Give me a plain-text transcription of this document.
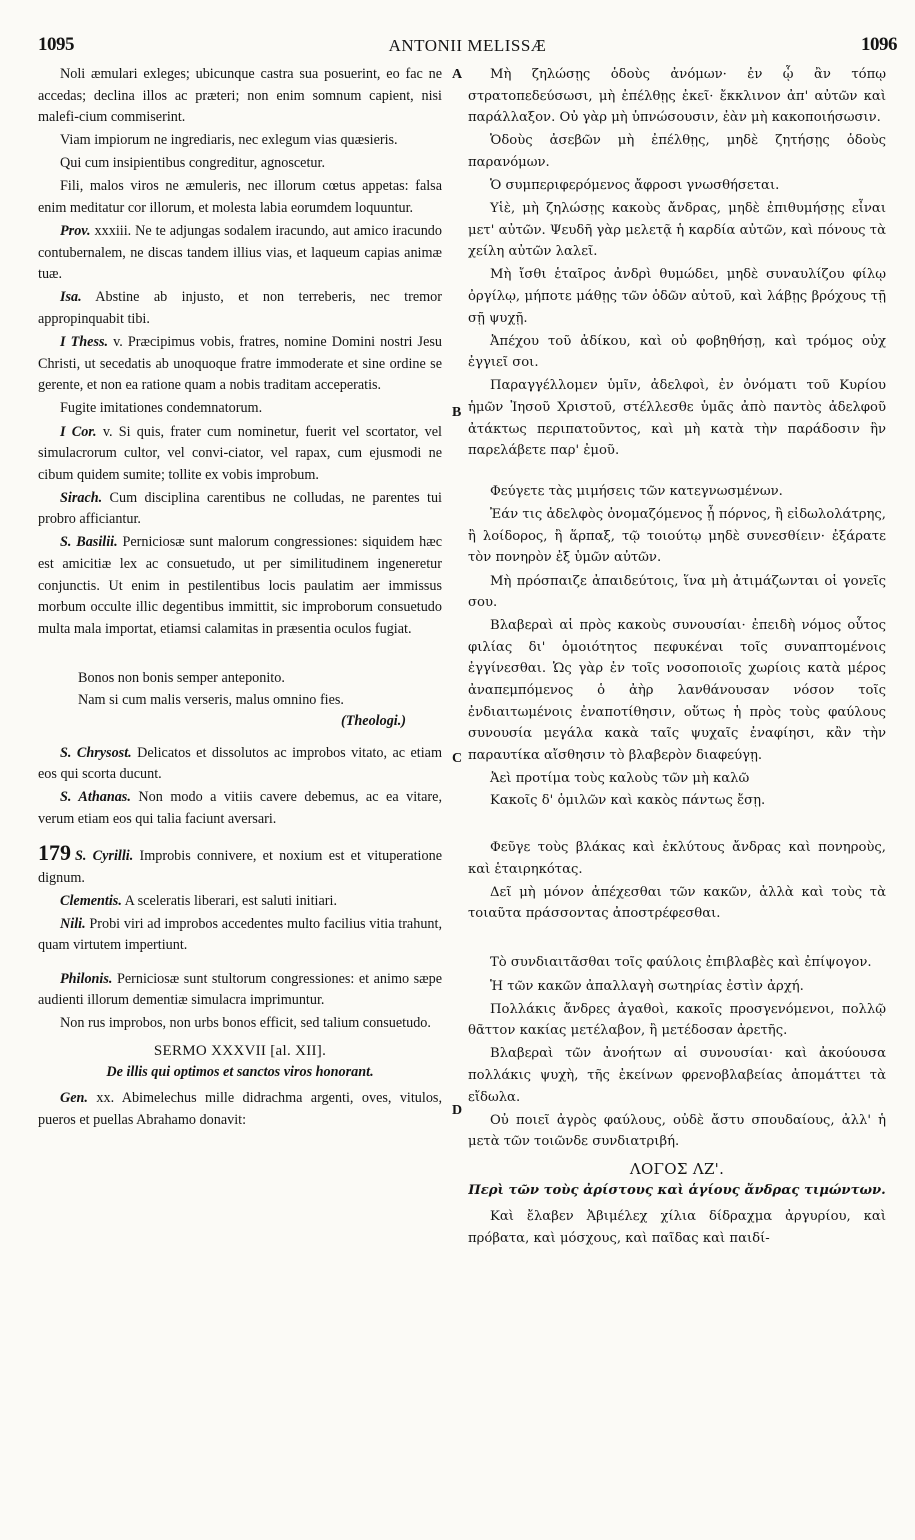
1095	ANTONII MELISSÆ	1096
A
B
C
D

Noli æmulari exleges; ubicunque castra sua posuerint, eo fac ne accedas; declina illos ac præteri; non enim somnum capient, nisi malefi-cium commiserint.

Viam impiorum ne ingrediaris, nec exlegum vias quæsieris.

Qui cum insipientibus congreditur, agnoscetur.

Fili, malos viros ne æmuleris, nec illorum cœtus appetas: falsa enim meditatur cor illorum, et molesta labia eorumdem loquuntur.

Prov. xxxiii. Ne te adjungas sodalem iracundo, aut amico iracundo contubernalem, ne discas tandem illius vias, et laqueum capias animæ tuæ.

Isa. Abstine ab injusto, et non terreberis, nec tremor appropinquabit tibi.

I Thess. v. Præcipimus vobis, fratres, nomine Domini nostri Jesu Christi, ut secedatis ab unoquoque fratre immoderate et sine ordine se gerente, et non ea ratione quam a nobis traditam acceperatis.

Fugite imitationes condemnatorum.

I Cor. v. Si quis, frater cum nominetur, fuerit vel scortator, vel simulacrorum cultor, vel convi-ciator, vel rapax, cum ejusmodi ne cibum quidem sumite; tollite ex vobis improbum.

Sirach. Cum disciplina carentibus ne colludas, ne parentes tui probro afficiantur.

S. Basilii. Perniciosæ sunt malorum congressiones: siquidem hæc est amicitiæ lex ac consuetudo, ut per similitudinem ingeneretur conjunctis. Ut enim in pestilentibus locis paulatim aer immissus morbum occulte illic degentibus immittit, sic improborum consuetudo multa mala importat, etiamsi calamitas in præsentia oculos fugiat.

Bonos non bonis semper anteponito.

Nam si cum malis verseris, malus omnino fies.

(Theologi.)

S. Chrysost. Delicatos et dissolutos ac improbos vitato, ac etiam eos qui scorta ducunt.

S. Athanas. Non modo a vitiis cavere debemus, ac ea vitare, verum etiam eos qui talia faciunt aversari.

179 S. Cyrilli. Improbis connivere, et noxium est et vituperatione dignum.

Clementis. A sceleratis liberari, est saluti initiari.

Nili. Probi viri ad improbos accedentes multo facilius vitia trahunt, quam virtutem impertiunt.

Philonis. Perniciosæ sunt stultorum congressiones: et animo sæpe audienti illorum dementiæ simulacra imprimuntur.

Non rus improbos, non urbs bonos efficit, sed talium consuetudo.

SERMO XXXVII [al. XII].

De illis qui optimos et sanctos viros honorant.

Gen. xx. Abimelechus mille didrachma argenti, oves, vitulos, pueros et puellas Abrahamo donavit:

Μὴ ζηλώσῃς ὁδοὺς ἀνόμων· ἐν ᾧ ἂν τόπῳ στρατοπεδεύσωσι, μὴ ἐπέλθῃς ἐκεῖ· ἔκκλινον ἀπ' αὐτῶν καὶ παράλλαξον. Οὐ γὰρ μὴ ὑπνώσουσιν, ἐὰν μὴ κακοποιήσωσιν.

Ὁδοὺς ἀσεβῶν μὴ ἐπέλθῃς, μηδὲ ζητήσῃς ὁδοὺς παρανόμων.

Ὁ συμπεριφερόμενος ἄφροσι γνωσθήσεται.

Υἱὲ, μὴ ζηλώσῃς κακοὺς ἄνδρας, μηδὲ ἐπιθυμήσῃς εἶναι μετ' αὐτῶν. Ψευδῆ γὰρ μελετᾷ ἡ καρδία αὐτῶν, καὶ πόνους τὰ χείλη αὐτῶν λαλεῖ.

Μὴ ἴσθι ἑταῖρος ἀνδρὶ θυμώδει, μηδὲ συναυλίζου φίλῳ ὀργίλῳ, μήποτε μάθῃς τῶν ὁδῶν αὐτοῦ, καὶ λάβῃς βρόχους τῇ σῇ ψυχῇ.

Ἀπέχου τοῦ ἀδίκου, καὶ οὐ φοβηθήσῃ, καὶ τρόμος οὐχ ἐγγιεῖ σοι.

Παραγγέλλομεν ὑμῖν, ἀδελφοὶ, ἐν ὀνόματι τοῦ Κυρίου ἡμῶν Ἰησοῦ Χριστοῦ, στέλλεσθε ὑμᾶς ἀπὸ παντὸς ἀδελφοῦ ἀτάκτως περιπατοῦντος, καὶ μὴ κατὰ τὴν παράδοσιν ἣν παρελάβετε παρ' ἐμοῦ.

Φεύγετε τὰς μιμήσεις τῶν κατεγνωσμένων.

Ἐάν τις ἀδελφὸς ὀνομαζόμενος ᾖ πόρνος, ἢ εἰδωλολάτρης, ἢ λοίδορος, ἢ ἅρπαξ, τῷ τοιούτῳ μηδὲ συνεσθίειν· ἐξάρατε τὸν πονηρὸν ἐξ ὑμῶν αὐτῶν.

Μὴ πρόσπαιζε ἀπαιδεύτοις, ἵνα μὴ ἀτιμάζωνται οἱ γονεῖς σου.

Βλαβεραὶ αἱ πρὸς κακοὺς συνουσίαι· ἐπειδὴ νόμος οὗτος φιλίας δι' ὁμοιότητος πεφυκέναι τοῖς συναπτομένοις ἐγγίνεσθαι. Ὡς γὰρ ἐν τοῖς νοσοποιοῖς χωρίοις κατὰ μέρος ἀναπεμπόμενος ὁ ἀὴρ λανθάνουσαν νόσον τοῖς ἐνδιαιτωμένοις ἐναποτίθησιν, οὕτως ἡ πρὸς τοὺς φαύλους συνουσία μεγάλα κακὰ ταῖς ψυχαῖς ἐναφίησι, κἂν τὴν παραυτίκα αἴσθησιν τὸ βλαβερὸν διαφεύγῃ.

Ἀεὶ προτίμα τοὺς καλοὺς τῶν μὴ καλῶ

Κακοῖς δ' ὁμιλῶν καὶ κακὸς πάντως ἔσῃ.

Φεῦγε τοὺς βλάκας καὶ ἐκλύτους ἄνδρας καὶ πονηροὺς, καὶ ἑταιρηκότας.

Δεῖ μὴ μόνον ἀπέχεσθαι τῶν κακῶν, ἀλλὰ καὶ τοὺς τὰ τοιαῦτα πράσσοντας ἀποστρέφεσθαι.

Τὸ συνδιαιτᾶσθαι τοῖς φαύλοις ἐπιβλαβὲς καὶ ἐπίψογον.

Ἡ τῶν κακῶν ἀπαλλαγὴ σωτηρίας ἐστὶν ἀρχή.

Πολλάκις ἄνδρες ἀγαθοὶ, κακοῖς προσγενόμενοι, πολλῷ θᾶττον κακίας μετέλαβον, ἢ μετέδοσαν ἀρετῆς.

Βλαβεραὶ τῶν ἀνοήτων αἱ συνουσίαι· καὶ ἀκούουσα πολλάκις ψυχὴ, τῆς ἐκείνων φρενοβλαβείας ἀπομάττει τὰ εἴδωλα.

Οὐ ποιεῖ ἀγρὸς φαύλους, οὐδὲ ἄστυ σπουδαίους, ἀλλ' ἡ μετὰ τῶν τοιῶνδε συνδιατριβή.

ΛΟΓΟΣ ΛΖ'.

Περὶ τῶν τοὺς ἀρίστους καὶ ἁγίους ἄνδρας τιμώντων.

Καὶ ἔλαβεν Ἀβιμέλεχ χίλια δίδραχμα ἀργυρίου, καὶ πρόβατα, καὶ μόσχους, καὶ παῖδας καὶ παιδί-
